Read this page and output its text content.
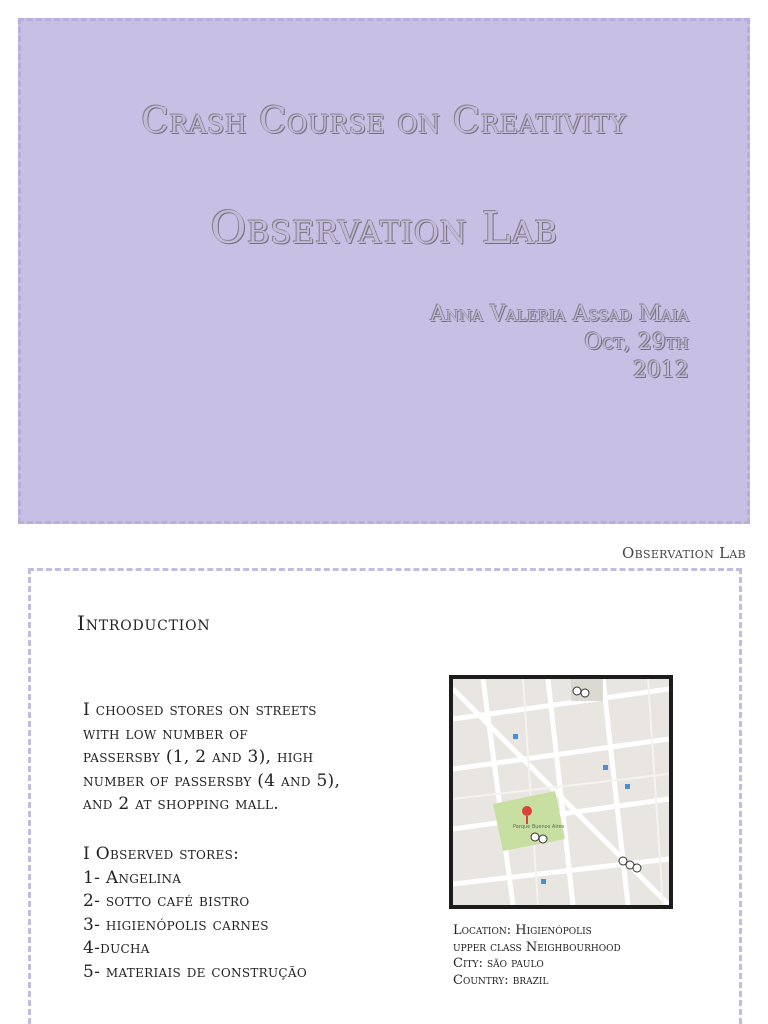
Crash Course on Creativity
Observation Lab
Anna Valeria Assad Maia
Oct, 29th
2012
Observation Lab
Introduction
I choosed stores on streets
with low number of
passersby (1, 2 and 3), high
number of passersby (4 and 5),
and 2 at shopping mall.
I Observed stores:
1- Angelina
2- sotto café bistro
3- higienópolis carnes
4-ducha
5- materiais de construção
Parque Buenos Aires
Location: Higienópolis
upper class Neighbourhood
City: são paulo
Country: brazil
